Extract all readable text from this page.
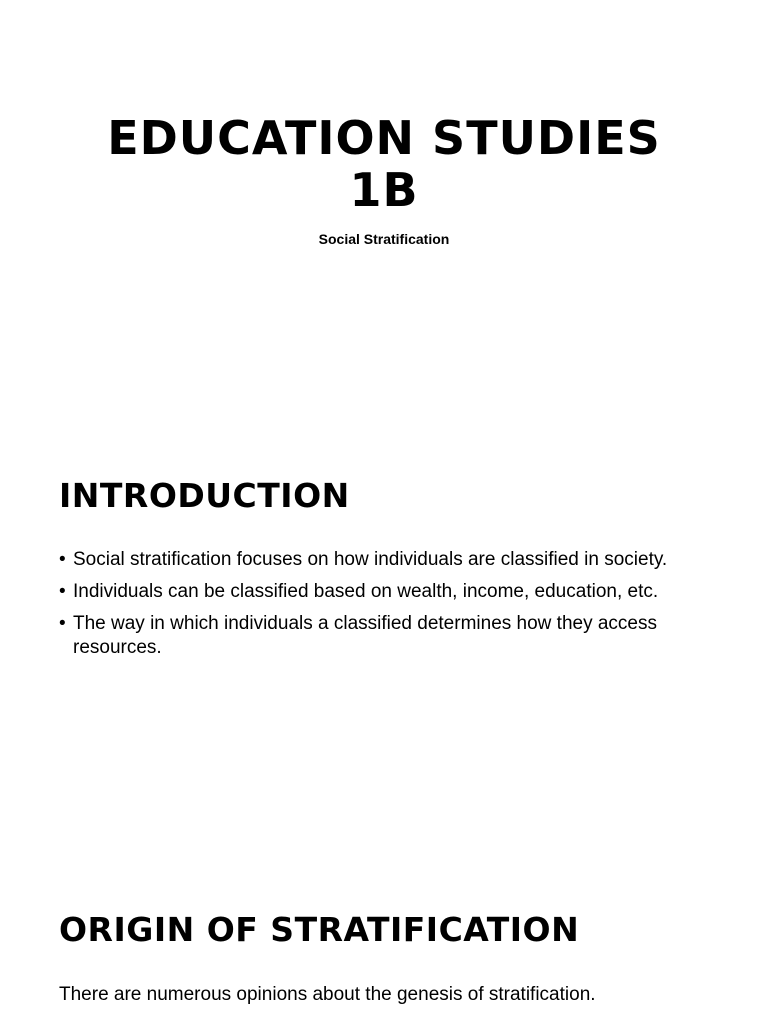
EDUCATION STUDIES
1B

Social Stratification

INTRODUCTION
• Social stratification focuses on how individuals are classified in society.
• Individuals can be classified based on wealth, income, education, etc.
• The way in which individuals a classified determines how they access resources.
ORIGIN OF STRATIFICATION

There are numerous opinions about the genesis of stratification.
